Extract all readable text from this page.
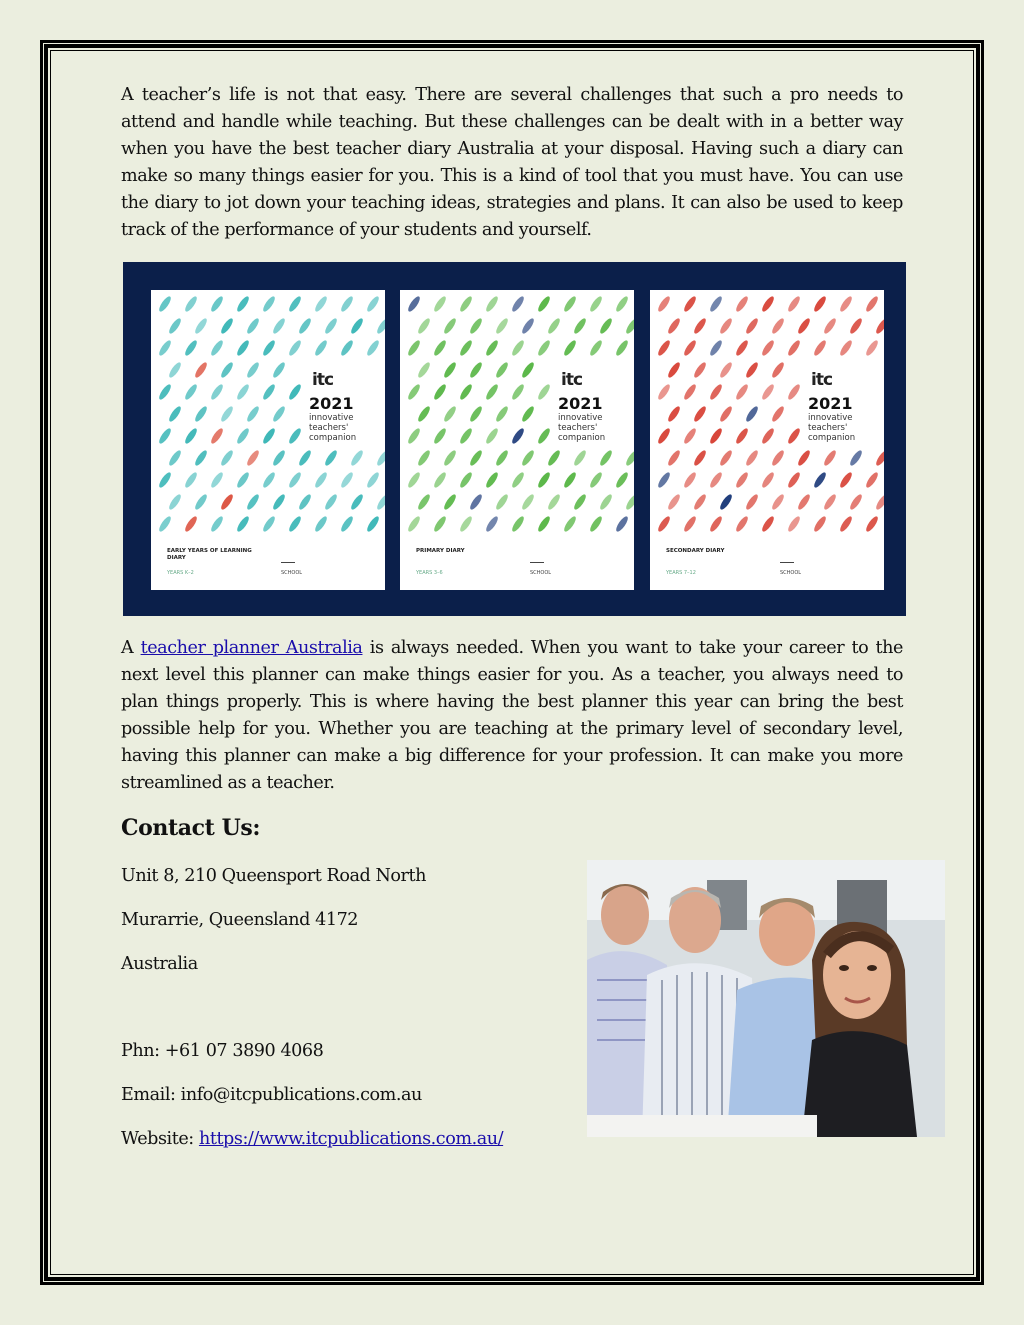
A teacher’s life is not that easy. There are several challenges that such a pro needs to attend and handle while teaching. But these challenges can be dealt with in a better way when you have the best teacher diary Australia at your disposal. Having such a diary can make so many things easier for you. This is a kind of tool that you must have. You can use the diary to jot down your teaching ideas, strategies and plans. It can also be used to keep track of the performance of your students and yourself.

itc
2021
innovative teachers' companion
EARLY YEARS OF LEARNING DIARY
YEARS K–2	SCHOOL
itc
2021
innovative teachers' companion
PRIMARY DIARY
YEARS 3–6	SCHOOL
itc
2021
innovative teachers' companion
SECONDARY DIARY
YEARS 7–12	SCHOOL

A teacher planner Australia is always needed. When you want to take your career to the next level this planner can make things easier for you. As a teacher, you always need to plan things properly. This is where having the best planner this year can bring the best possible help for you. Whether you are teaching at the primary level of secondary level, having this planner can make a big difference for your profession. It can make you more streamlined as a teacher.

Contact Us:

Unit 8, 210 Queensport Road North

Murarrie, Queensland 4172

Australia

Phn: +61 07 3890 4068

Email: info@itcpublications.com.au

Website: https://www.itcpublications.com.au/
